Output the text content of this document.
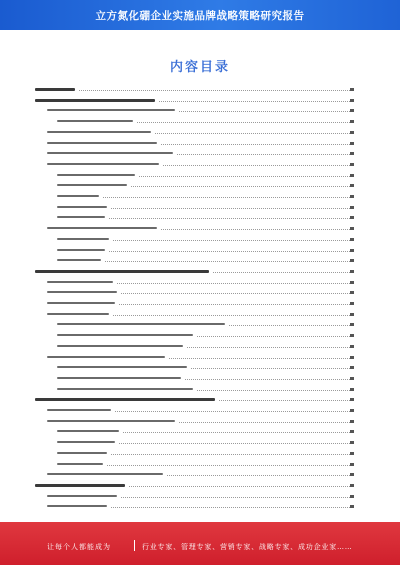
立方氮化硼企业实施品牌战略策略研究报告
内容目录
让每个人都能成为	行业专家、管理专家、营销专家、战略专家、成功企业家……
